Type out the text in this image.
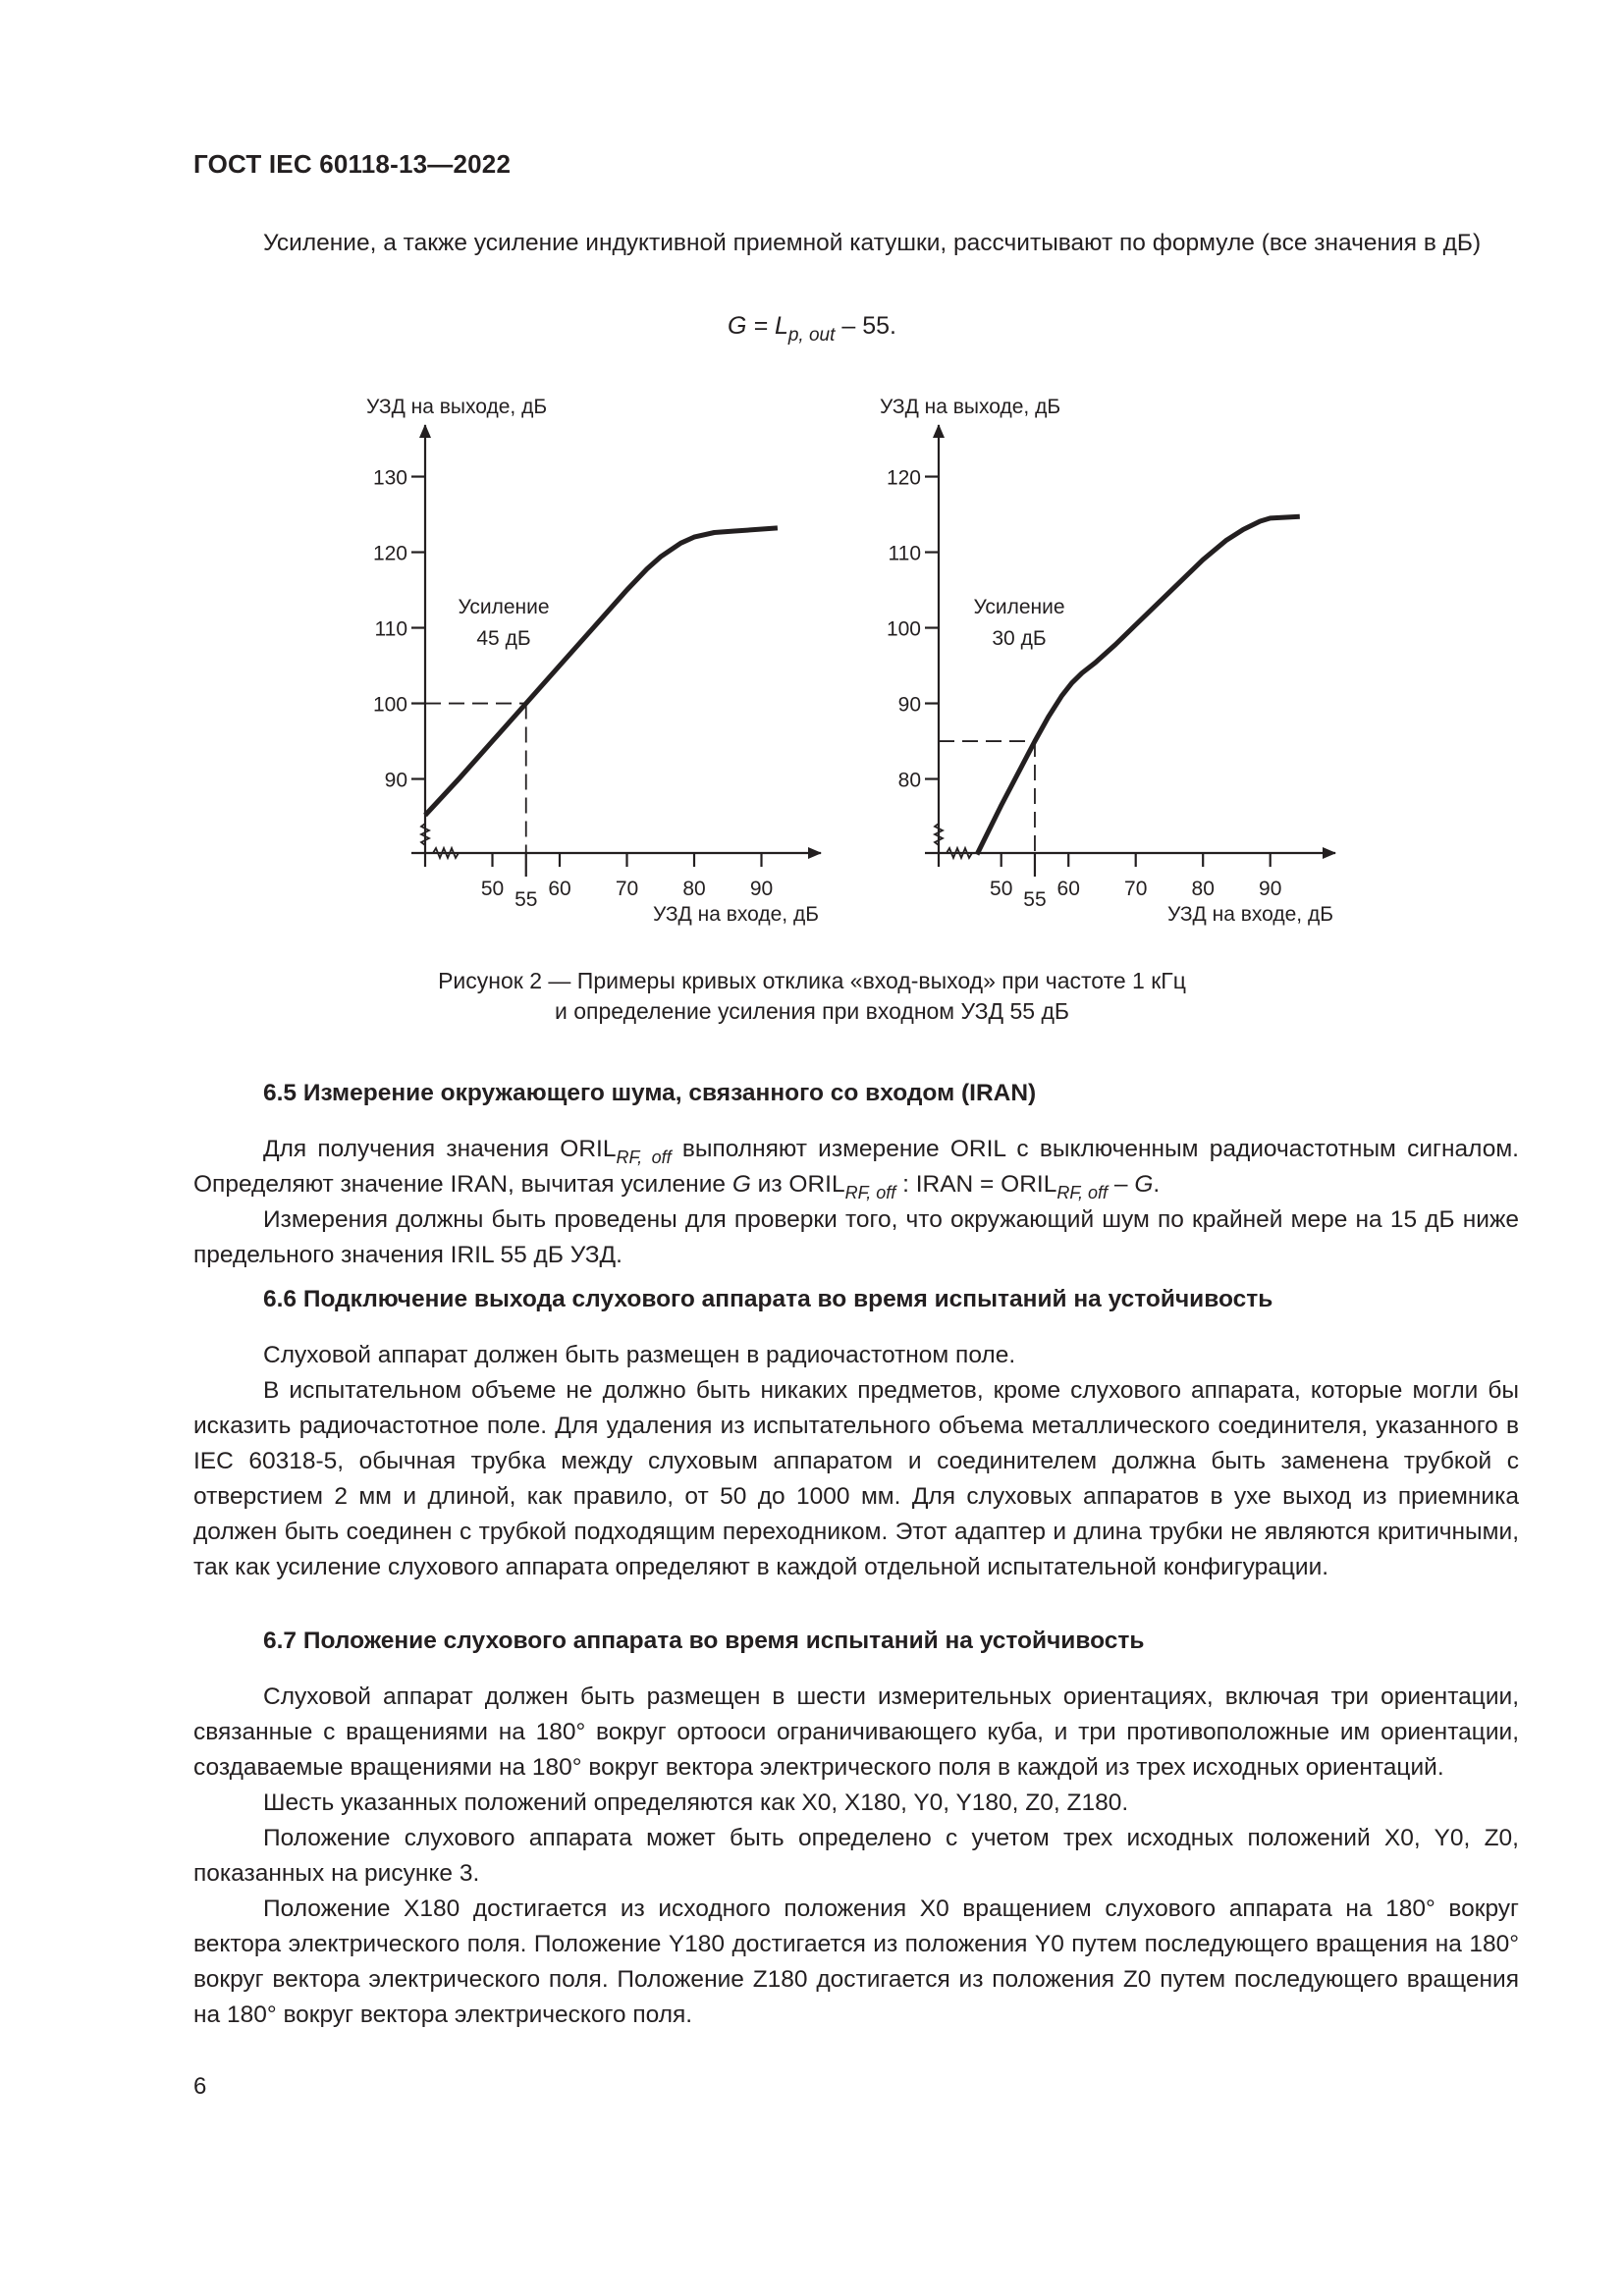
ГОСТ IEC 60118-13—2022

Усиление, а также усиление индуктивной приемной катушки, рассчитывают по формуле (все значения в дБ)

$G = L_{p, out} - 55$.
УЗД на выходе, дБ
90
100
110
120
130
50 55 60 70 80 90
УЗД на входе, дБ
Усиление
45 дБ
УЗД на выходе, дБ
80
90
100
110
120
50 55 60 70 80 90
УЗД на входе, дБ
Усиление
30 дБ
Рисунок 2 — Примеры кривых отклика «вход-выход» при частоте 1 кГц
и определение усиления при входном УЗД 55 дБ
6.5 Измерение окружающего шума, связанного со входом (IRAN)

Для получения значения $ORIL_{RF, off}$ выполняют измерение ORIL с выключенным радиочастотным сигналом. Определяют значение IRAN, вычитая усиление G из $ORIL_{RF, off}$ : IRAN = $ORIL_{RF, off}$ – G.

Измерения должны быть проведены для проверки того, что окружающий шум по крайней мере на 15 дБ ниже предельного значения IRIL 55 дБ УЗД.

6.6 Подключение выхода слухового аппарата во время испытаний на устойчивость

Слуховой аппарат должен быть размещен в радиочастотном поле.

В испытательном объеме не должно быть никаких предметов, кроме слухового аппарата, которые могли бы исказить радиочастотное поле. Для удаления из испытательного объема металлического соединителя, указанного в IEC 60318-5, обычная трубка между слуховым аппаратом и соединителем должна быть заменена трубкой с отверстием 2 мм и длиной, как правило, от 50 до 1000 мм. Для слуховых аппаратов в ухе выход из приемника должен быть соединен с трубкой подходящим переходником. Этот адаптер и длина трубки не являются критичными, так как усиление слухового аппарата определяют в каждой отдельной испытательной конфигурации.

6.7 Положение слухового аппарата во время испытаний на устойчивость

Слуховой аппарат должен быть размещен в шести измерительных ориентациях, включая три ориентации, связанные с вращениями на 180° вокруг ортооси ограничивающего куба, и три противоположные им ориентации, создаваемые вращениями на 180° вокруг вектора электрического поля в каждой из трех исходных ориентаций.

Шесть указанных положений определяются как X0, X180, Y0, Y180, Z0, Z180.

Положение слухового аппарата может быть определено с учетом трех исходных положений X0, Y0, Z0, показанных на рисунке 3.

Положение X180 достигается из исходного положения X0 вращением слухового аппарата на 180° вокруг вектора электрического поля. Положение Y180 достигается из положения Y0 путем последующего вращения на 180° вокруг вектора электрического поля. Положение Z180 достигается из положения Z0 путем последующего вращения на 180° вокруг вектора электрического поля.

6
